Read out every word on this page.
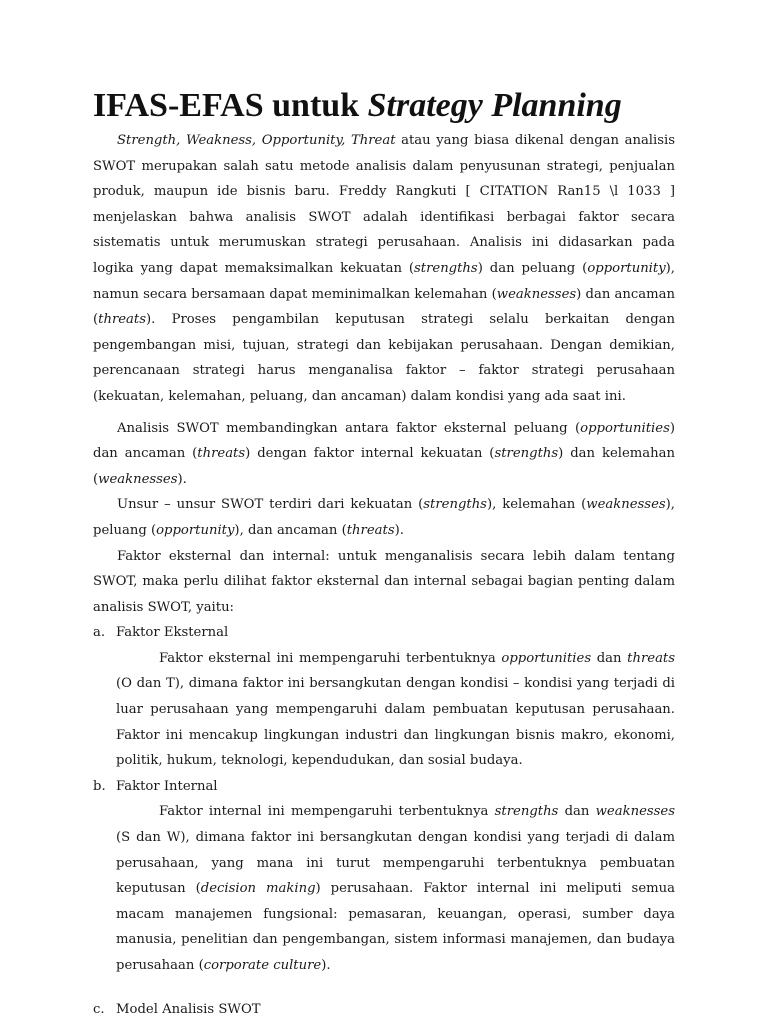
IFAS-EFAS untuk Strategy Planning

Strength, Weakness, Opportunity, Threat atau yang biasa dikenal dengan analisis SWOT merupakan salah satu metode analisis dalam penyusunan strategi, penjualan produk, maupun ide bisnis baru. Freddy Rangkuti [ CITATION Ran15 \l 1033 ] menjelaskan bahwa analisis SWOT adalah identifikasi berbagai faktor secara sistematis untuk merumuskan strategi perusahaan. Analisis ini didasarkan pada logika yang dapat memaksimalkan kekuatan (strengths) dan peluang (opportunity), namun secara bersamaan dapat meminimalkan kelemahan (weaknesses) dan ancaman (threats). Proses pengambilan keputusan strategi selalu berkaitan dengan pengembangan misi, tujuan, strategi dan kebijakan perusahaan. Dengan demikian, perencanaan strategi harus menganalisa faktor – faktor strategi perusahaan (kekuatan, kelemahan, peluang, dan ancaman) dalam kondisi yang ada saat ini.

Analisis SWOT membandingkan antara faktor eksternal peluang (opportunities) dan ancaman (threats) dengan faktor internal kekuatan (strengths) dan kelemahan (weaknesses).

Unsur – unsur SWOT terdiri dari kekuatan (strengths), kelemahan (weaknesses), peluang (opportunity), dan ancaman (threats).

Faktor eksternal dan internal: untuk menganalisis secara lebih dalam tentang SWOT, maka perlu dilihat faktor eksternal dan internal sebagai bagian penting dalam analisis SWOT, yaitu:

a. Faktor Eksternal

Faktor eksternal ini mempengaruhi terbentuknya opportunities dan threats (O dan T), dimana faktor ini bersangkutan dengan kondisi – kondisi yang terjadi di luar perusahaan yang mempengaruhi dalam pembuatan keputusan perusahaan. Faktor ini mencakup lingkungan industri dan lingkungan bisnis makro, ekonomi, politik, hukum, teknologi, kependudukan, dan sosial budaya.

b. Faktor Internal

Faktor internal ini mempengaruhi terbentuknya strengths dan weaknesses (S dan W), dimana faktor ini bersangkutan dengan kondisi yang terjadi di dalam perusahaan, yang mana ini turut mempengaruhi terbentuknya pembuatan keputusan (decision making) perusahaan. Faktor internal ini meliputi semua macam manajemen fungsional: pemasaran, keuangan, operasi, sumber daya manusia, penelitian dan pengembangan, sistem informasi manajemen, dan budaya perusahaan (corporate culture).

c. Model Analisis SWOT
